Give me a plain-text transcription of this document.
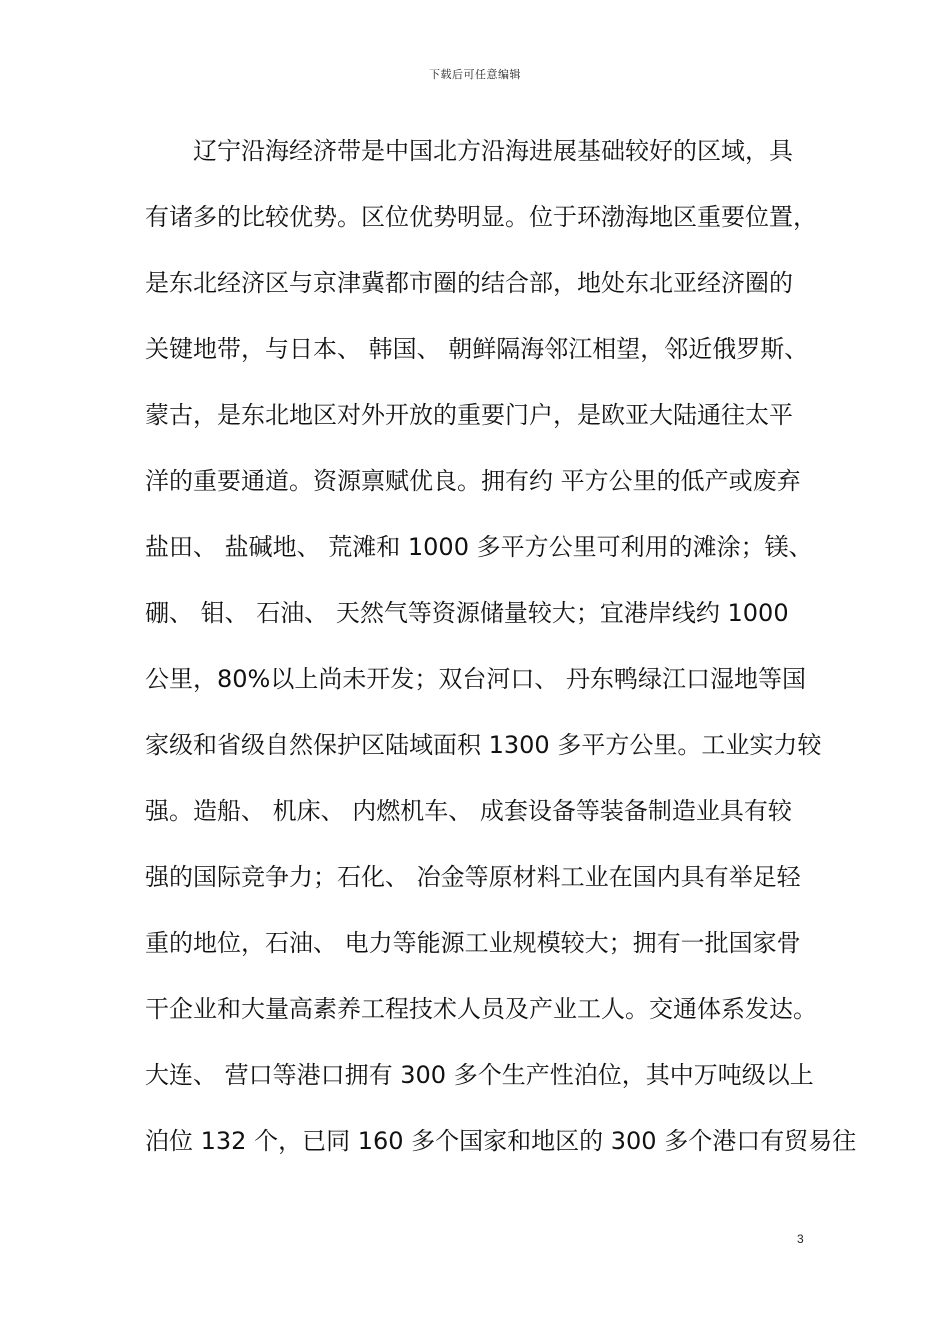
下载后可任意编辑
辽宁沿海经济带是中国北方沿海进展基础较好的区域，具
有诸多的比较优势。区位优势明显。位于环渤海地区重要位置，
是东北经济区与京津冀都市圈的结合部，地处东北亚经济圈的
关键地带，与日本、 韩国、 朝鲜隔海邻江相望，邻近俄罗斯、
蒙古，是东北地区对外开放的重要门户，是欧亚大陆通往太平
洋的重要通道。资源禀赋优良。拥有约 平方公里的低产或废弃
盐田、 盐碱地、 荒滩和 1000 多平方公里可利用的滩涂；镁、
硼、 钼、 石油、 天然气等资源储量较大；宜港岸线约 1000
公里，80%以上尚未开发；双台河口、 丹东鸭绿江口湿地等国
家级和省级自然保护区陆域面积 1300 多平方公里。工业实力较
强。造船、 机床、 内燃机车、 成套设备等装备制造业具有较
强的国际竞争力；石化、 冶金等原材料工业在国内具有举足轻
重的地位，石油、 电力等能源工业规模较大；拥有一批国家骨
干企业和大量高素养工程技术人员及产业工人。交通体系发达。
大连、 营口等港口拥有 300 多个生产性泊位，其中万吨级以上
泊位 132 个，已同 160 多个国家和地区的 300 多个港口有贸易往
3
